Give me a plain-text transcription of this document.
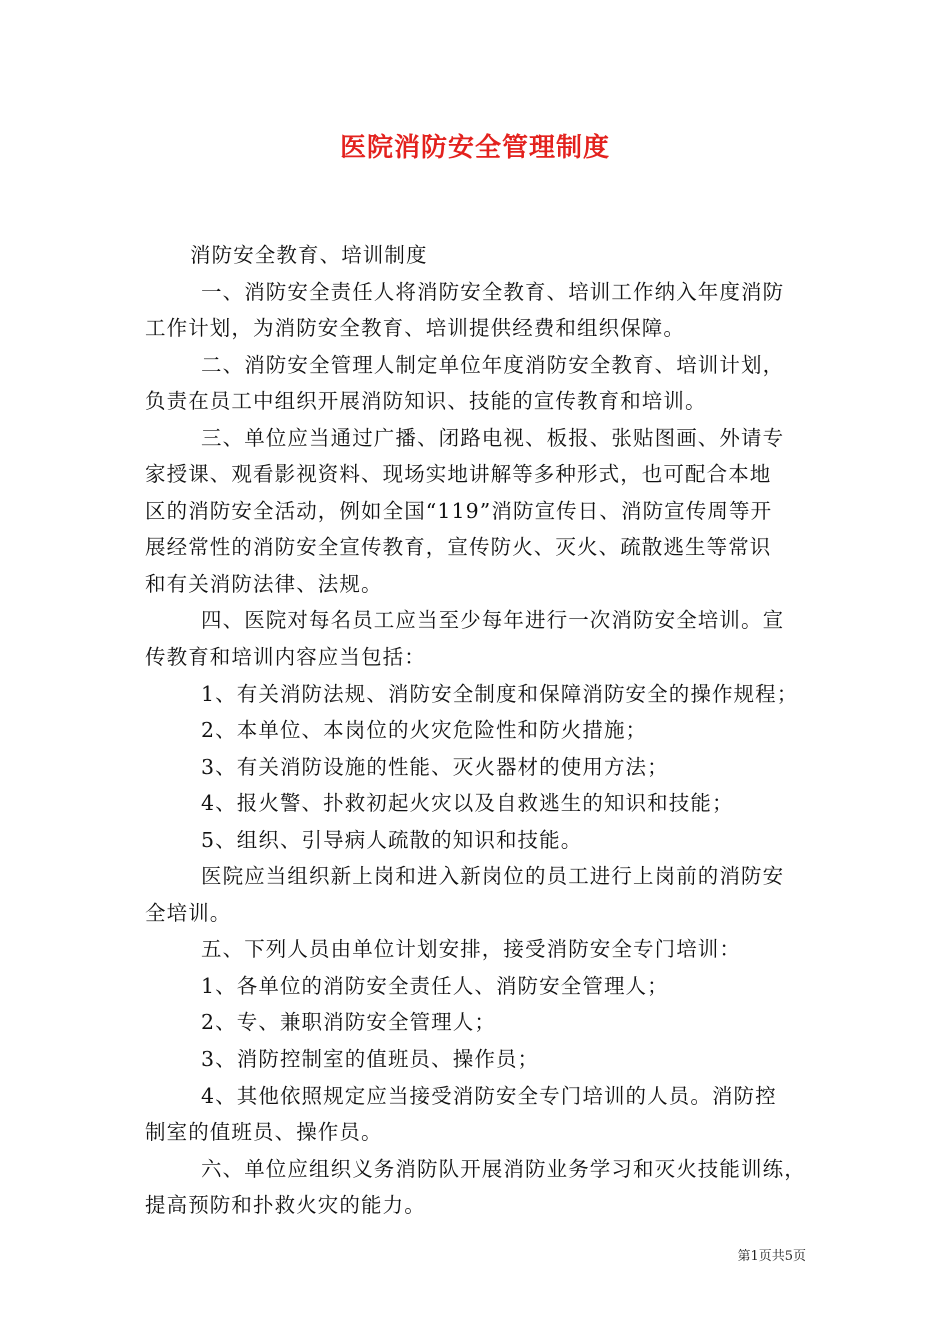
医院消防安全管理制度
消防安全教育、培训制度
一、消防安全责任人将消防安全教育、培训工作纳入年度消防
工作计划，为消防安全教育、培训提供经费和组织保障。
二、消防安全管理人制定单位年度消防安全教育、培训计划，
负责在员工中组织开展消防知识、技能的宣传教育和培训。
三、单位应当通过广播、闭路电视、板报、张贴图画、外请专
家授课、观看影视资料、现场实地讲解等多种形式，也可配合本地
区的消防安全活动，例如全国“119”消防宣传日、消防宣传周等开
展经常性的消防安全宣传教育，宣传防火、灭火、疏散逃生等常识
和有关消防法律、法规。
四、医院对每名员工应当至少每年进行一次消防安全培训。宣
传教育和培训内容应当包括：
1、有关消防法规、消防安全制度和保障消防安全的操作规程；
2、本单位、本岗位的火灾危险性和防火措施；
3、有关消防设施的性能、灭火器材的使用方法；
4、报火警、扑救初起火灾以及自救逃生的知识和技能；
5、组织、引导病人疏散的知识和技能。
医院应当组织新上岗和进入新岗位的员工进行上岗前的消防安
全培训。
五、下列人员由单位计划安排，接受消防安全专门培训：
1、各单位的消防安全责任人、消防安全管理人；
2、专、兼职消防安全管理人；
3、消防控制室的值班员、操作员；
4、其他依照规定应当接受消防安全专门培训的人员。消防控
制室的值班员、操作员。
六、单位应组织义务消防队开展消防业务学习和灭火技能训练，
提高预防和扑救火灾的能力。
第1页共5页
